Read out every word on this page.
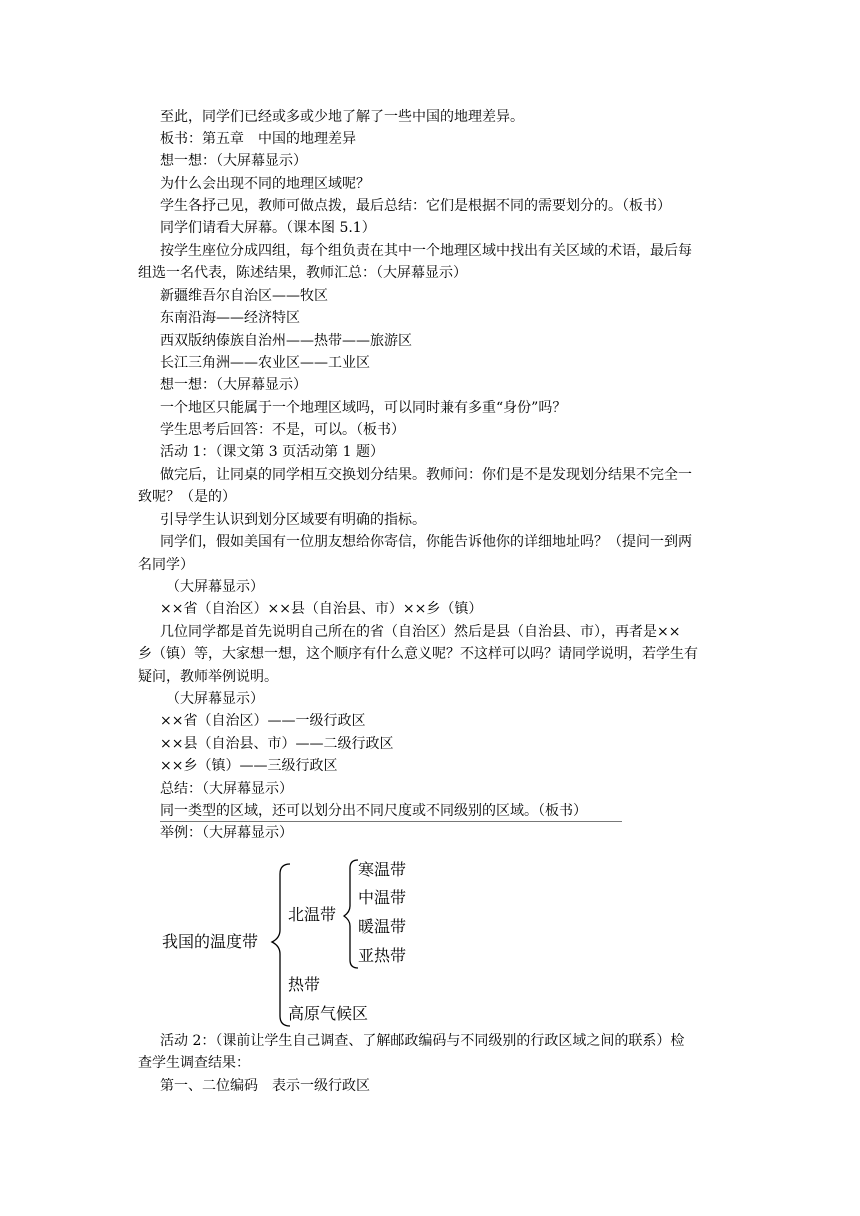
至此，同学们已经或多或少地了解了一些中国的地理差异。
板书：第五章　中国的地理差异
想一想：（大屏幕显示）
为什么会出现不同的地理区域呢？
学生各抒己见，教师可做点拨，最后总结：它们是根据不同的需要划分的。（板书）
同学们请看大屏幕。（课本图 5.1）
按学生座位分成四组，每个组负责在其中一个地理区域中找出有关区域的术语，最后每
组选一名代表，陈述结果，教师汇总：（大屏幕显示）
新疆维吾尔自治区——牧区
东南沿海——经济特区
西双版纳傣族自治州——热带——旅游区
长江三角洲——农业区——工业区
想一想：（大屏幕显示）
一个地区只能属于一个地理区域吗，可以同时兼有多重“身份”吗？
学生思考后回答：不是，可以。（板书）
活动 1：（课文第 3 页活动第 1 题）
做完后，让同桌的同学相互交换划分结果。教师问：你们是不是发现划分结果不完全一
致呢？（是的）
引导学生认识到划分区域要有明确的指标。
同学们，假如美国有一位朋友想给你寄信，你能告诉他你的详细地址吗？（提问一到两
名同学）
（大屏幕显示）
××省（自治区）××县（自治县、市）××乡（镇）
几位同学都是首先说明自己所在的省（自治区）然后是县（自治县、市），再者是××
乡（镇）等，大家想一想，这个顺序有什么意义呢？不这样可以吗？请同学说明，若学生有
疑问，教师举例说明。
（大屏幕显示）
××省（自治区）——一级行政区
××县（自治县、市）——二级行政区
××乡（镇）——三级行政区
总结：（大屏幕显示）
同一类型的区域，还可以划分出不同尺度或不同级别的区域。（板书）
举例：（大屏幕显示）
我国的温度带
北温带
寒温带
中温带
暖温带
亚热带
热带
高原气候区
活动 2：（课前让学生自己调查、了解邮政编码与不同级别的行政区域之间的联系）检
查学生调查结果：
第一、二位编码　表示一级行政区
